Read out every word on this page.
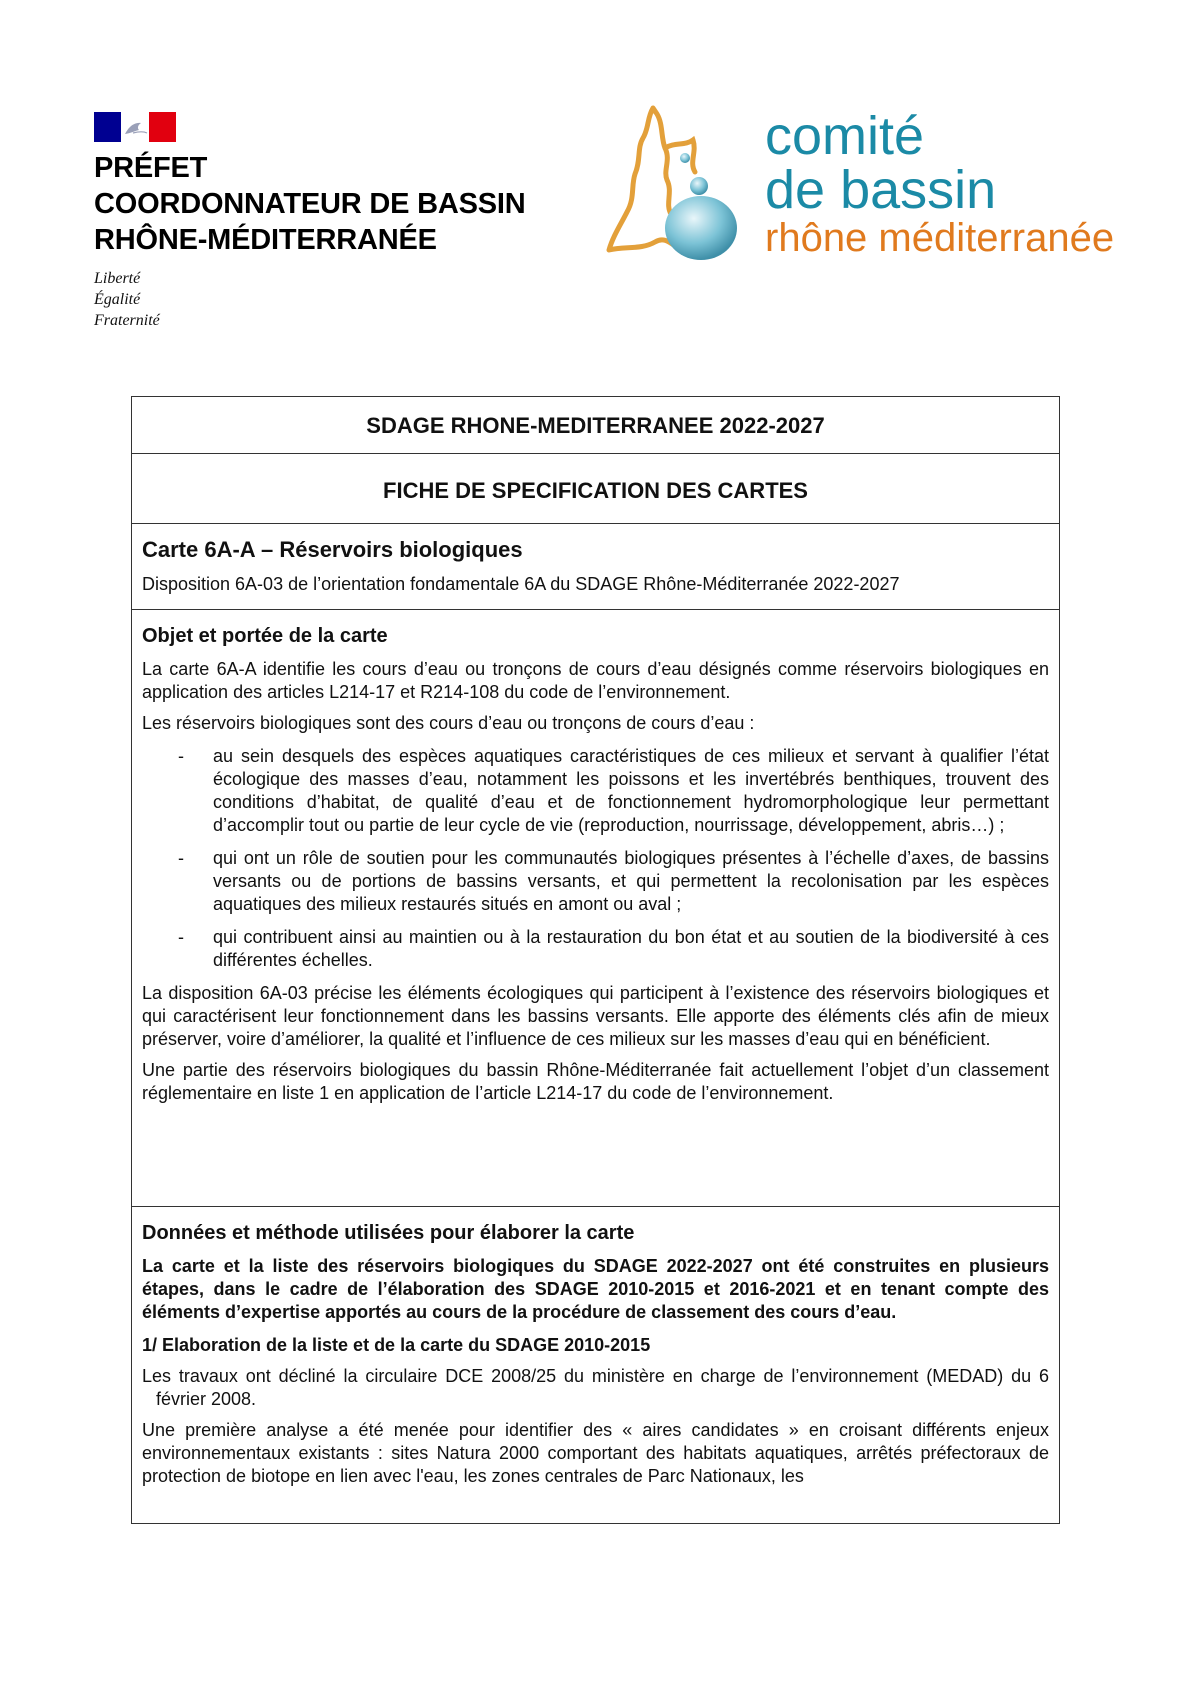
PRÉFET
COORDONNATEUR DE BASSIN
RHÔNE-MÉDITERRANÉE
Liberté
Égalité
Fraternité
comité
de bassin
rhône méditerranée
SDAGE RHONE-MEDITERRANEE 2022-2027
FICHE DE SPECIFICATION DES CARTES
Carte 6A-A – Réservoirs biologiques
Disposition 6A-03 de l’orientation fondamentale 6A du SDAGE Rhône-Méditerranée 2022-2027
Objet et portée de la carte

La carte 6A-A identifie les cours d’eau ou tronçons de cours d’eau désignés comme réservoirs biologiques en application des articles L214-17 et R214-108 du code de l’environnement.

Les réservoirs biologiques sont des cours d’eau ou tronçons de cours d’eau :

- au sein desquels des espèces aquatiques caractéristiques de ces milieux et servant à qualifier l’état écologique des masses d’eau, notamment les poissons et les invertébrés benthiques, trouvent des conditions d’habitat, de qualité d’eau et de fonctionnement hydromorphologique leur permettant d’accomplir tout ou partie de leur cycle de vie (reproduction, nourrissage, développement, abris…) ;
- qui ont un rôle de soutien pour les communautés biologiques présentes à l’échelle d’axes, de bassins versants ou de portions de bassins versants, et qui permettent la recolonisation par les espèces aquatiques des milieux restaurés situés en amont ou aval ;
- qui contribuent ainsi au maintien ou à la restauration du bon état et au soutien de la biodiversité à ces différentes échelles.

La disposition 6A-03 précise les éléments écologiques qui participent à l’existence des réservoirs biologiques et qui caractérisent leur fonctionnement dans les bassins versants. Elle apporte des éléments clés afin de mieux préserver, voire d’améliorer, la qualité et l’influence de ces milieux sur les masses d’eau qui en bénéficient.

Une partie des réservoirs biologiques du bassin Rhône-Méditerranée fait actuellement l’objet d’un classement réglementaire en liste 1 en application de l’article L214-17 du code de l’environnement.

Données et méthode utilisées pour élaborer la carte

La carte et la liste des réservoirs biologiques du SDAGE 2022-2027 ont été construites en plusieurs étapes, dans le cadre de l’élaboration des SDAGE 2010-2015 et 2016-2021 et en tenant compte des éléments d’expertise apportés au cours de la procédure de classement des cours d’eau.

1/ Elaboration de la liste et de la carte du SDAGE 2010-2015

Les travaux ont décliné la circulaire DCE 2008/25 du ministère en charge de l’environnement (MEDAD) du 6 février 2008.

Une première analyse a été menée pour identifier des « aires candidates » en croisant différents enjeux environnementaux existants : sites Natura 2000 comportant des habitats aquatiques, arrêtés préfectoraux de protection de biotope en lien avec l'eau, les zones centrales de Parc Nationaux, les
